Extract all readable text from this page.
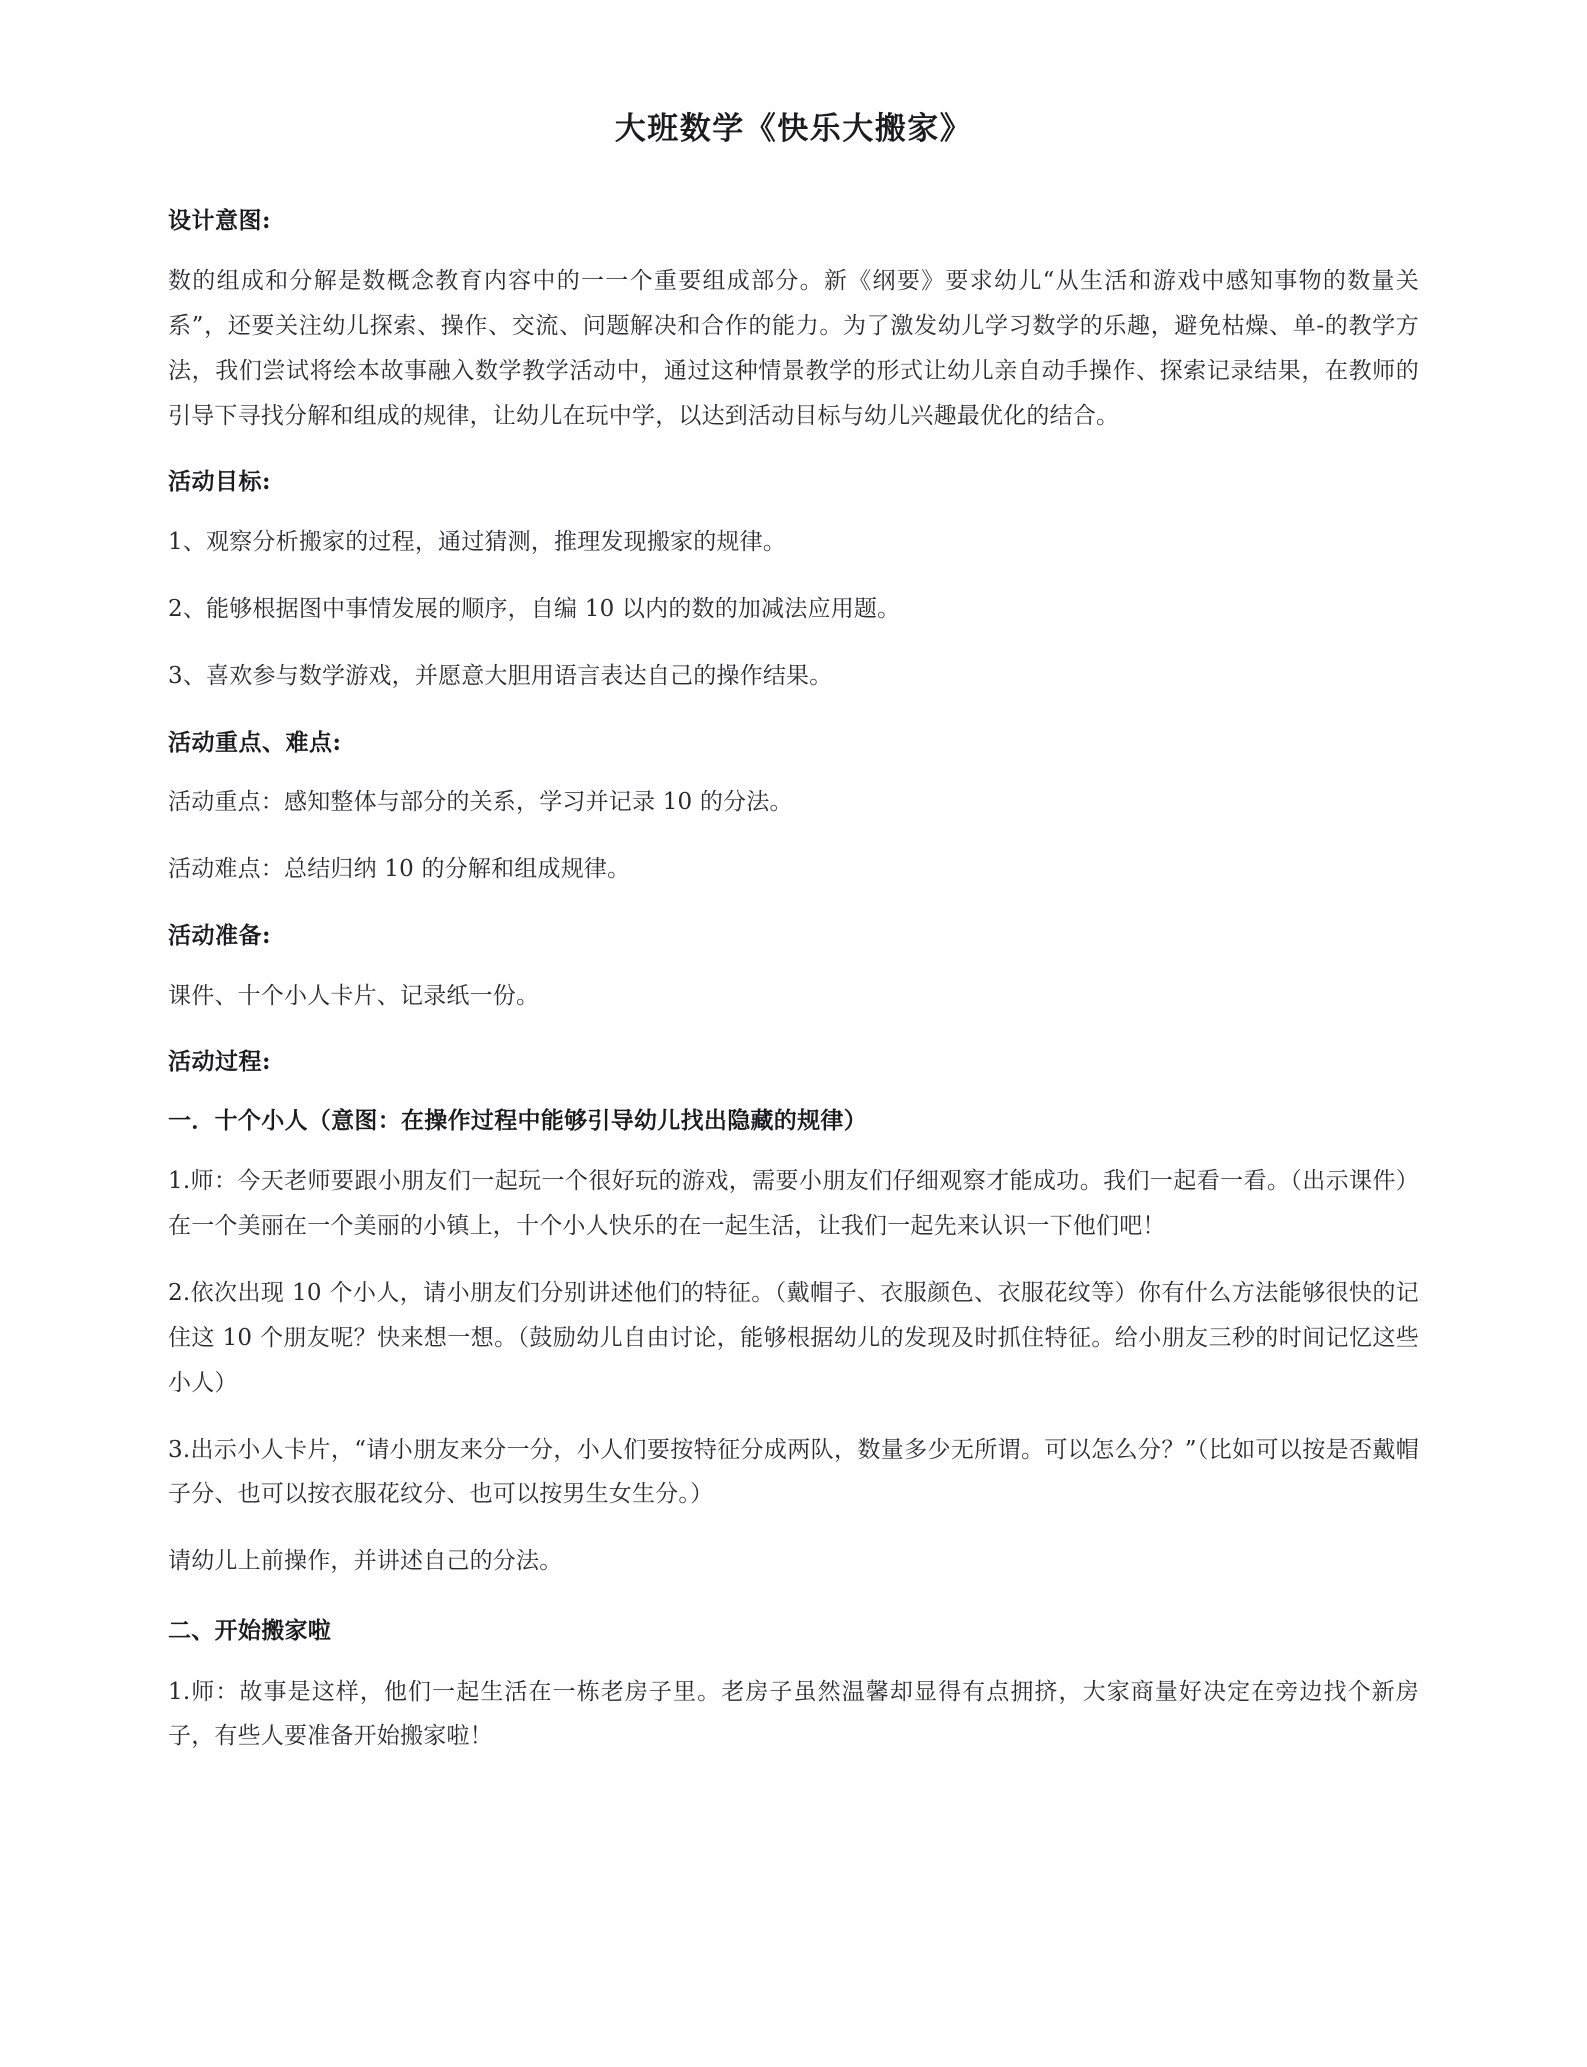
大班数学《快乐大搬家》
设计意图:

数的组成和分解是数概念教育内容中的一一个重要组成部分。新《纲要》要求幼儿“从生活和游戏中感知事物的数量关系”，还要关注幼儿探索、操作、交流、问题解决和合作的能力。为了激发幼儿学习数学的乐趣，避免枯燥、单-的教学方法，我们尝试将绘本故事融入数学教学活动中，通过这种情景教学的形式让幼儿亲自动手操作、探索记录结果，在教师的引导下寻找分解和组成的规律，让幼儿在玩中学，以达到活动目标与幼儿兴趣最优化的结合。

活动目标:

1、观察分析搬家的过程，通过猜测，推理发现搬家的规律。

2、能够根据图中事情发展的顺序，自编 10 以内的数的加减法应用题。

3、喜欢参与数学游戏，并愿意大胆用语言表达自己的操作结果。

活动重点、难点:

活动重点：感知整体与部分的关系，学习并记录 10 的分法。

活动难点：总结归纳 10 的分解和组成规律。

活动准备:

课件、十个小人卡片、记录纸一份。

活动过程:
一．十个小人（意图：在操作过程中能够引导幼儿找出隐藏的规律）

1.师：今天老师要跟小朋友们一起玩一个很好玩的游戏，需要小朋友们仔细观察才能成功。我们一起看一看。（出示课件）在一个美丽在一个美丽的小镇上，十个小人快乐的在一起生活，让我们一起先来认识一下他们吧！

2.依次出现 10 个小人，请小朋友们分别讲述他们的特征。（戴帽子、衣服颜色、衣服花纹等）你有什么方法能够很快的记住这 10 个朋友呢？快来想一想。（鼓励幼儿自由讨论，能够根据幼儿的发现及时抓住特征。给小朋友三秒的时间记忆这些小人）

3.出示小人卡片，“请小朋友来分一分，小人们要按特征分成两队，数量多少无所谓。可以怎么分？”（比如可以按是否戴帽子分、也可以按衣服花纹分、也可以按男生女生分。）

请幼儿上前操作，并讲述自己的分法。

二、开始搬家啦

1.师：故事是这样，他们一起生活在一栋老房子里。老房子虽然温馨却显得有点拥挤，大家商量好决定在旁边找个新房子，有些人要准备开始搬家啦！
